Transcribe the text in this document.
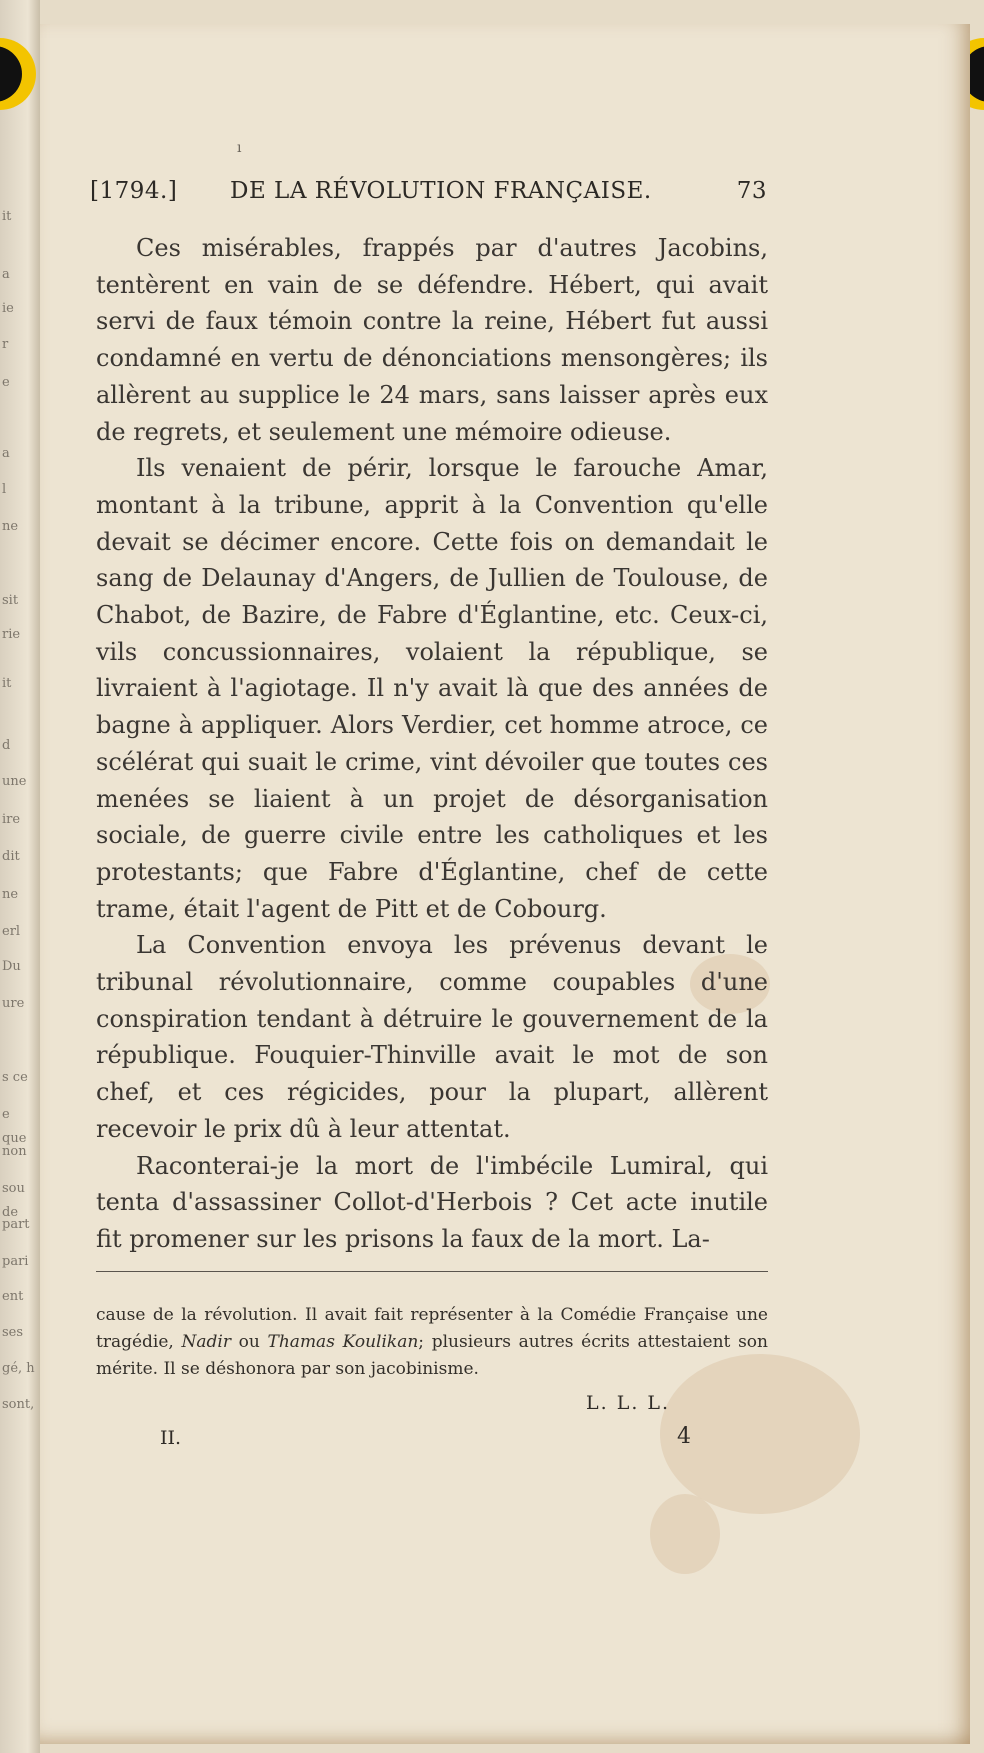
it
a
ie
r
e
a
l
ne
sit
rie
it
d
une
ire
dit
ne
erl
Du
ure
s ce
e que
non
sou de
part
pari
ent
ses
gé, h
sont,
ı
[1794.] DE LA RÉVOLUTION FRANÇAISE.	73

Ces misérables, frappés par d'autres Jacobins, tentèrent en vain de se défendre. Hébert, qui avait servi de faux témoin contre la reine, Hébert fut aussi condamné en vertu de dénonciations mensongères; ils allèrent au supplice le 24 mars, sans laisser après eux de regrets, et seulement une mémoire odieuse.

Ils venaient de périr, lorsque le farouche Amar, montant à la tribune, apprit à la Convention qu'elle devait se décimer encore. Cette fois on demandait le sang de Delaunay d'Angers, de Jullien de Toulouse, de Chabot, de Bazire, de Fabre d'Églantine, etc. Ceux-ci, vils concussionnaires, volaient la république, se livraient à l'agiotage. Il n'y avait là que des années de bagne à appliquer. Alors Verdier, cet homme atroce, ce scélérat qui suait le crime, vint dévoiler que toutes ces menées se liaient à un projet de désorganisation sociale, de guerre civile entre les catholiques et les protestants; que Fabre d'Églantine, chef de cette trame, était l'agent de Pitt et de Cobourg.

La Convention envoya les prévenus devant le tribunal révolutionnaire, comme coupables d'une conspiration tendant à détruire le gouvernement de la république. Fouquier-Thinville avait le mot de son chef, et ces régicides, pour la plupart, allèrent recevoir le prix dû à leur attentat.

Raconterai-je la mort de l'imbécile Lumiral, qui tenta d'assassiner Collot-d'Herbois ? Cet acte inutile fit promener sur les prisons la faux de la mort. La-

cause de la révolution. Il avait fait représenter à la Comédie Française une tragédie, Nadir ou Thamas Koulikan; plusieurs autres écrits attestaient son mérite. Il se déshonora par son jacobinisme.

L. L. L.
II.	4
